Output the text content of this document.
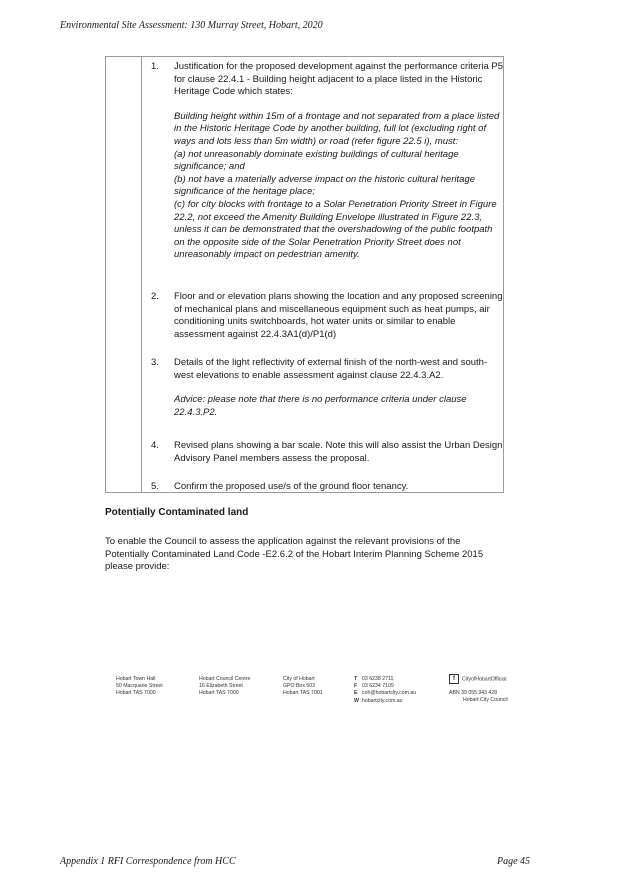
Environmental Site Assessment: 130 Murray Street, Hobart, 2020
1.	Justification for the proposed development against the performance criteria P5 for clause 22.4.1 - Building height adjacent to a place listed in the Historic Heritage Code which states:

Building height within 15m of a frontage and not separated from a place listed in the Historic Heritage Code by another building, full lot (excluding right of ways and lots less than 5m width) or road (refer figure 22.5 i), must:

(a) not unreasonably dominate existing buildings of cultural heritage significance; and

(b) not have a materially adverse impact on the historic cultural heritage significance of the heritage place;

(c) for city blocks with frontage to a Solar Penetration Priority Street in Figure 22.2, not exceed the Amenity Building Envelope illustrated in Figure 22.3, unless it can be demonstrated that the overshadowing of the public footpath on the opposite side of the Solar Penetration Priority Street does not unreasonably impact on pedestrian amenity.

2.	Floor and or elevation plans showing the location and any proposed screening of mechanical plans and miscellaneous equipment such as heat pumps, air conditioning units switchboards, hot water units or similar to enable assessment against 22.4.3A1(d)/P1(d)

3.	Details of the light reflectivity of external finish of the north-west and south-west elevations to enable assessment against clause 22.4.3.A2.

Advice: please note that there is no performance criteria under clause 22.4.3.P2.

4.	Revised plans showing a bar scale. Note this will also assist the Urban Design Advisory Panel members assess the proposal.

5.	Confirm the proposed use/s of the ground floor tenancy.

Potentially Contaminated land

To enable the Council to assess the application against the relevant provisions of the Potentially Contaminated Land Code -E2.6.2 of the Hobart Interim Planning Scheme 2015 please provide:

Hobart Town Hall
50 Macquarie Street
Hobart TAS 7000
Hobart Council Centre
16 Elizabeth Street
Hobart TAS 7000
City of Hobart
GPO Box 503
Hobart TAS 7001
T 03 6238 2711
F 03 6234 7109
E coh@hobartcity.com.au
W hobartcity.com.au
f CityofHobartOfficial
ABN 39 055 343 428
Hobart City Council
Appendix 1 RFI Correspondence from HCC	Page 45
